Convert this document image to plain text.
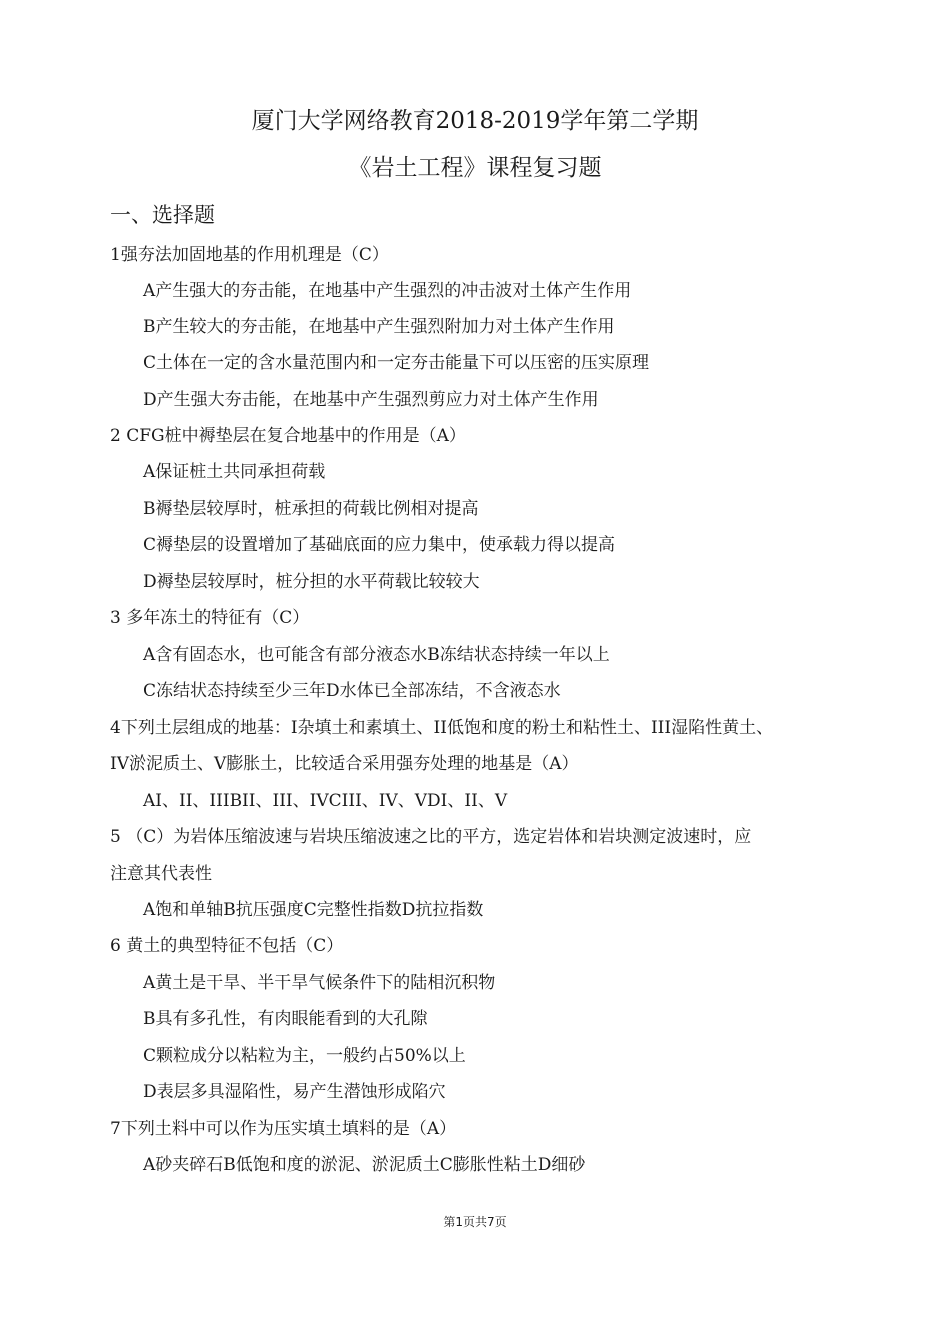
厦门大学网络教育2018-2019学年第二学期
《岩土工程》课程复习题
一、选择题
1强夯法加固地基的作用机理是（C）
A产生强大的夯击能，在地基中产生强烈的冲击波对土体产生作用
B产生较大的夯击能，在地基中产生强烈附加力对土体产生作用
C土体在一定的含水量范围内和一定夯击能量下可以压密的压实原理
D产生强大夯击能，在地基中产生强烈剪应力对土体产生作用
2 CFG桩中褥垫层在复合地基中的作用是（A）
A保证桩土共同承担荷载
B褥垫层较厚时，桩承担的荷载比例相对提高
C褥垫层的设置增加了基础底面的应力集中，使承载力得以提高
D褥垫层较厚时，桩分担的水平荷载比较较大
3 多年冻土的特征有（C）
A含有固态水，也可能含有部分液态水B冻结状态持续一年以上
C冻结状态持续至少三年D水体已全部冻结，不含液态水
4下列土层组成的地基：I杂填土和素填土、II低饱和度的粉土和粘性土、III湿陷性黄土、
IV淤泥质土、V膨胀土，比较适合采用强夯处理的地基是（A）
AI、II、IIIBII、III、IVCIII、IV、VDI、II、V
5 （C）为岩体压缩波速与岩块压缩波速之比的平方，选定岩体和岩块测定波速时，应
注意其代表性
A饱和单轴B抗压强度C完整性指数D抗拉指数
6 黄土的典型特征不包括（C）
A黄土是干旱、半干旱气候条件下的陆相沉积物
B具有多孔性，有肉眼能看到的大孔隙
C颗粒成分以粘粒为主，一般约占50%以上
D表层多具湿陷性，易产生潜蚀形成陷穴
7下列土料中可以作为压实填土填料的是（A）
A砂夹碎石B低饱和度的淤泥、淤泥质土C膨胀性粘土D细砂
第1页共7页
